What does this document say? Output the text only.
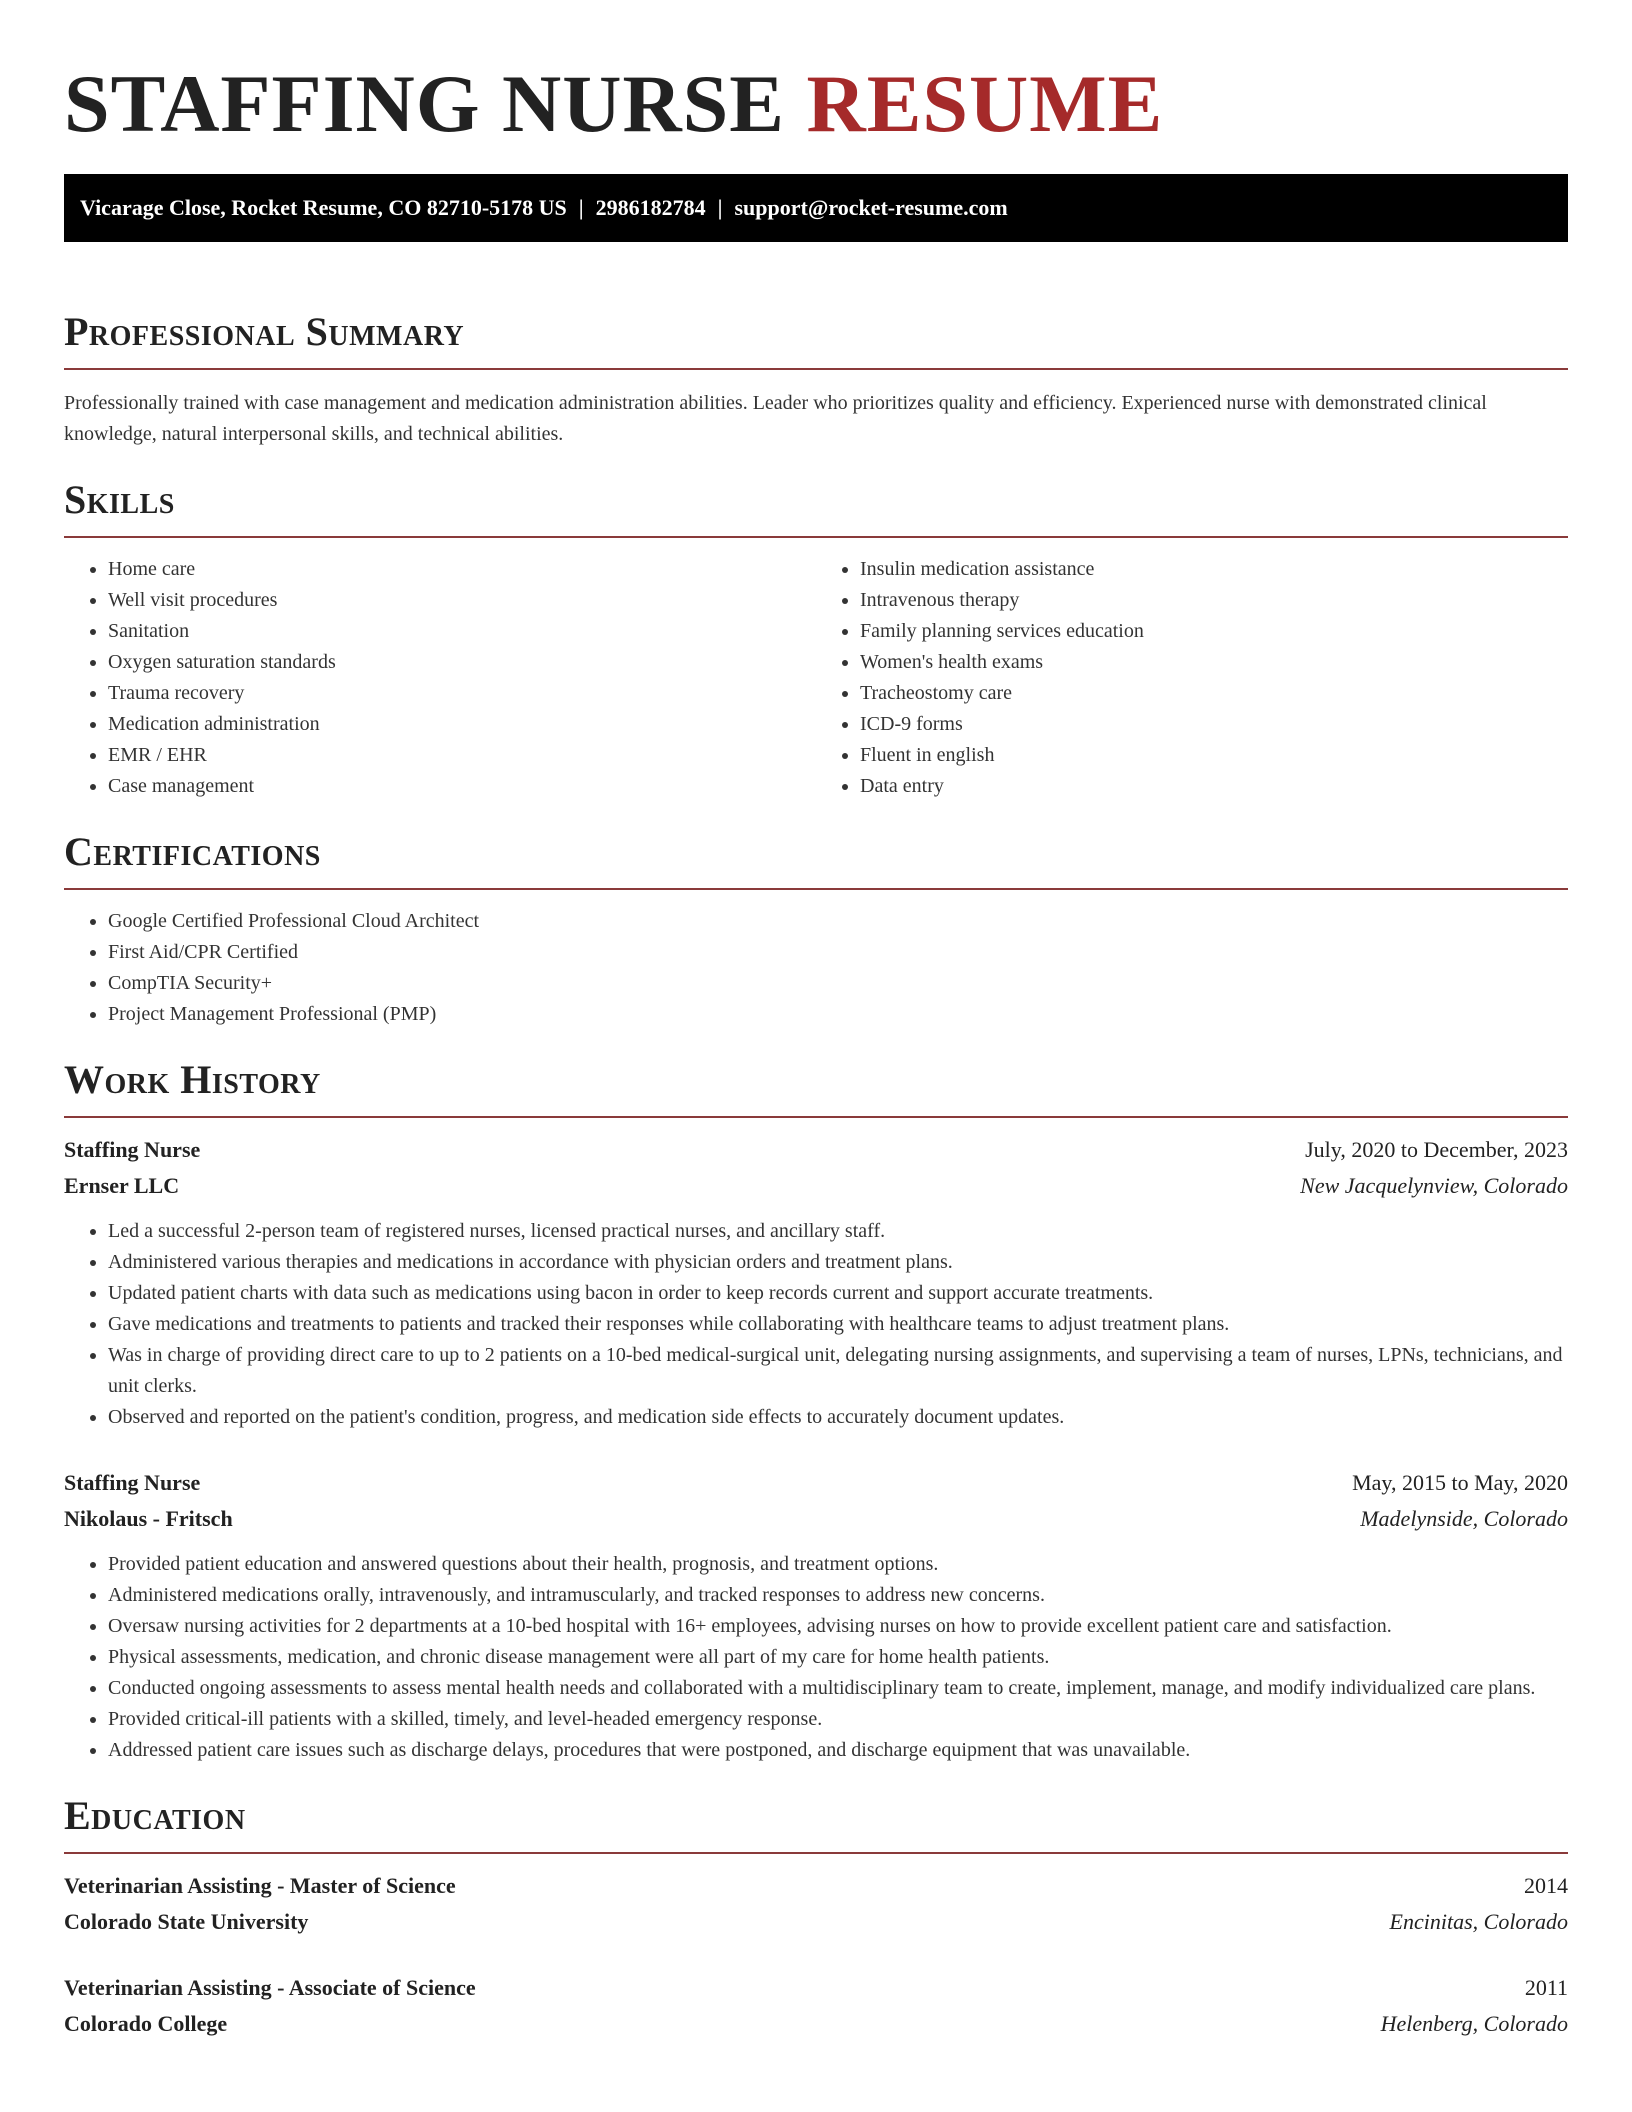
STAFFING NURSE RESUME
Vicarage Close, Rocket Resume, CO 82710-5178 US | 2986182784 | support@rocket-resume.com
Professional Summary

Professionally trained with case management and medication administration abilities. Leader who prioritizes quality and efficiency. Experienced nurse with demonstrated clinical knowledge, natural interpersonal skills, and technical abilities.

Skills
• Home care
• Well visit procedures
• Sanitation
• Oxygen saturation standards
• Trauma recovery
• Medication administration
• EMR / EHR
• Case management
• Insulin medication assistance
• Intravenous therapy
• Family planning services education
• Women's health exams
• Tracheostomy care
• ICD-9 forms
• Fluent in english
• Data entry
Certifications
• Google Certified Professional Cloud Architect
• First Aid/CPR Certified
• CompTIA Security+
• Project Management Professional (PMP)
Work History
Staffing Nurse	July, 2020 to December, 2023
Ernser LLC	New Jacquelynview, Colorado
• Led a successful 2-person team of registered nurses, licensed practical nurses, and ancillary staff.
• Administered various therapies and medications in accordance with physician orders and treatment plans.
• Updated patient charts with data such as medications using bacon in order to keep records current and support accurate treatments.
• Gave medications and treatments to patients and tracked their responses while collaborating with healthcare teams to adjust treatment plans.
• Was in charge of providing direct care to up to 2 patients on a 10-bed medical-surgical unit, delegating nursing assignments, and supervising a team of nurses, LPNs, technicians, and unit clerks.
• Observed and reported on the patient's condition, progress, and medication side effects to accurately document updates.
Staffing Nurse	May, 2015 to May, 2020
Nikolaus - Fritsch	Madelynside, Colorado
• Provided patient education and answered questions about their health, prognosis, and treatment options.
• Administered medications orally, intravenously, and intramuscularly, and tracked responses to address new concerns.
• Oversaw nursing activities for 2 departments at a 10-bed hospital with 16+ employees, advising nurses on how to provide excellent patient care and satisfaction.
• Physical assessments, medication, and chronic disease management were all part of my care for home health patients.
• Conducted ongoing assessments to assess mental health needs and collaborated with a multidisciplinary team to create, implement, manage, and modify individualized care plans.
• Provided critical-ill patients with a skilled, timely, and level-headed emergency response.
• Addressed patient care issues such as discharge delays, procedures that were postponed, and discharge equipment that was unavailable.
Education
Veterinarian Assisting - Master of Science	2014
Colorado State University	Encinitas, Colorado
Veterinarian Assisting - Associate of Science	2011
Colorado College	Helenberg, Colorado
